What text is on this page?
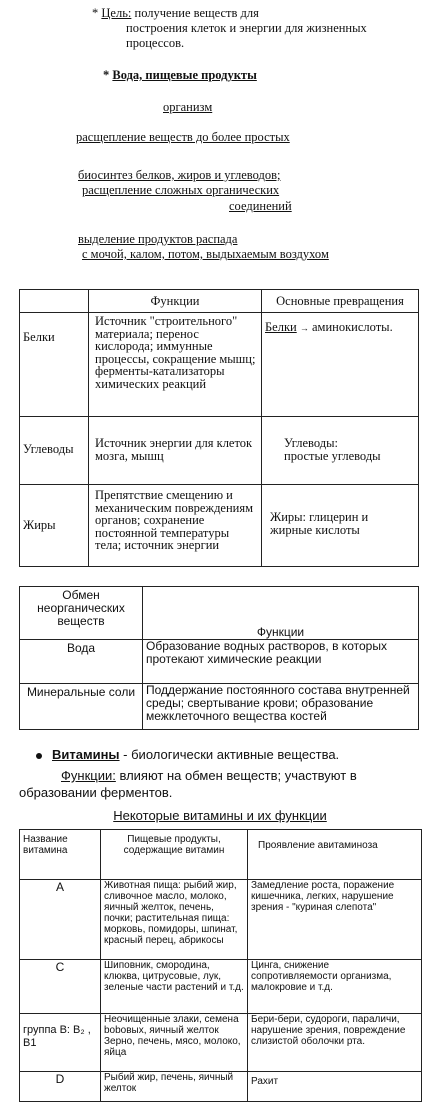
* Цель: получение веществ для
построения клеток и энергии для жизненных
процессов.
* Вода, пищевые продукты
организм
расщепление веществ до более простых
биосинтез белков, жиров и углеводов;
расщепление сложных органических
соединений
выделение продуктов распада
с мочой, калом, потом, выдыхаемым воздухом
	Функции	Основные превращения
Белки	Источник "строительного" материала; перенос кислорода; иммунные процессы, сокращение мышц; ферменты-катализаторы химических реакций	Белки → аминокислоты.
Углеводы	Источник энергии для клеток мозга, мышц	Углеводы:
простые углеводы
Жиры	Препятствие смещению и механическим повреждениям органов; сохранение постоянной температуры тела; источник энергии	Жиры: глицерин и
жирные кислоты
Обмен неорганических веществ	Функции
Вода	Образование водных растворов, в которых протекают химические реакции
Минеральные соли	Поддержание постоянного состава внутренней среды; свертывание крови; образование межклеточного вещества костей
Витамины - биологически активные вещества.
Функции: влияют на обмен веществ; участвуют в образовании ферментов.
Некоторые витамины и их функции
Название витамина	Пищевые продукты, содержащие витамин	Проявление авитаминоза
А	Животная пища: рыбий жир, сливочное масло, молоко, яичный желток, печень, почки; растительная пища: морковь, помидоры, шпинат, красный перец, абрикосы	Замедление роста, поражение кишечника, легких, нарушение зрения - "куриная слепота"
С	Шиповник, смородина, клюква, цитрусовые, лук, зеленые части растений и т.д.	Цинга, снижение сопротивляемости организма, малокровие и т.д.
группа В: В₂ , В1	Неочищенные злаки, семена bobовых, яичный желток Зерно, печень, мясо, молоко, яйца	Бери-бери, судороги, параличи, нарушение зрения, повреждение слизистой оболочки рта.
D	Рыбий жир, печень, яичный желток	Рахит
